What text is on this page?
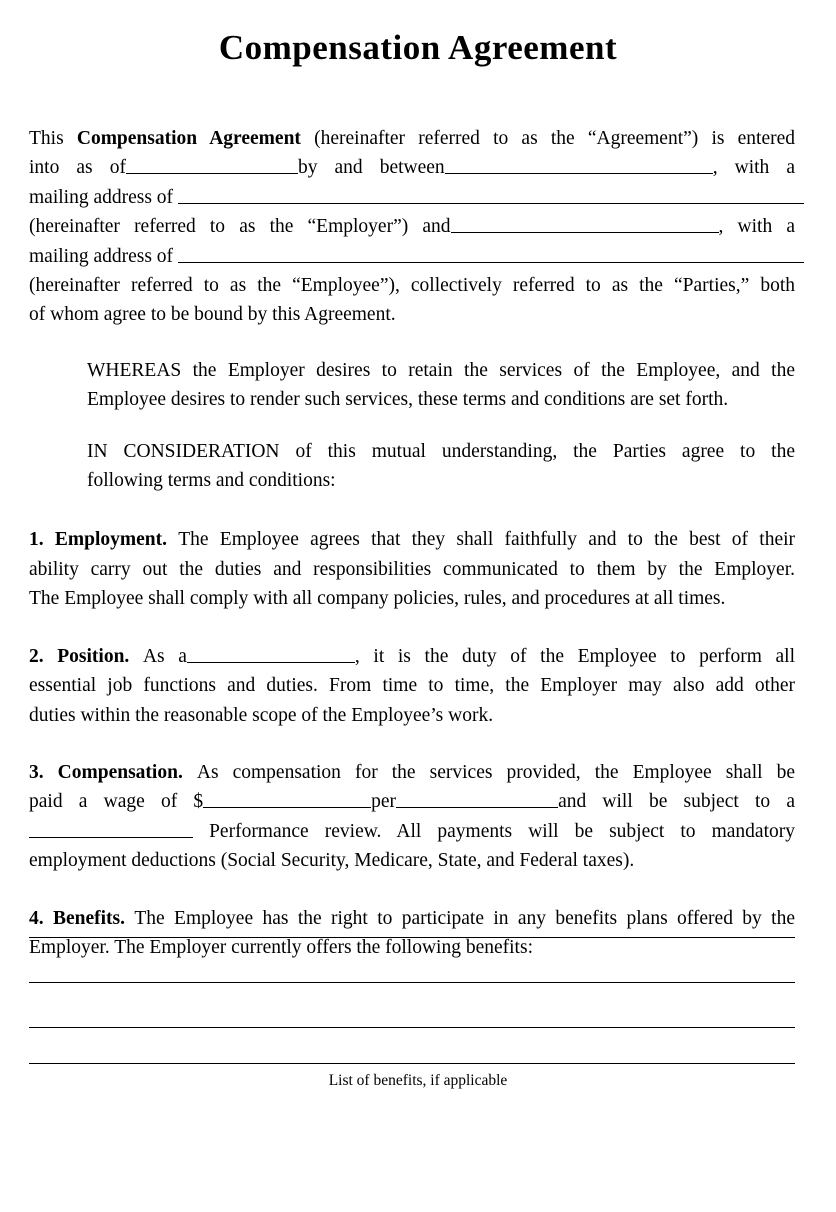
Compensation Agreement
This Compensation Agreement (hereinafter referred to as the “Agreement”) is entered
into as of	by and between	, with a
mailing address of
(hereinafter referred to as the “Employer”) and	, with a
mailing address of
(hereinafter referred to as the “Employee”), collectively referred to as the “Parties,” both
of whom agree to be bound by this Agreement.
WHEREAS the Employer desires to retain the services of the Employee, and the
Employee desires to render such services, these terms and conditions are set forth.
IN CONSIDERATION of this mutual understanding, the Parties agree to the
following terms and conditions:
1. Employment. The Employee agrees that they shall faithfully and to the best of their
ability carry out the duties and responsibilities communicated to them by the Employer.
The Employee shall comply with all company policies, rules, and procedures at all times.
2. Position. As a	, it is the duty of the Employee to perform all
essential job functions and duties. From time to time, the Employer may also add other
duties within the reasonable scope of the Employee’s work.
3. Compensation. As compensation for the services provided, the Employee shall be
paid a wage of $	per	and will be subject to a
Performance review. All payments will be subject to mandatory
employment deductions (Social Security, Medicare, State, and Federal taxes).
4. Benefits. The Employee has the right to participate in any benefits plans offered by the
Employer. The Employer currently offers the following benefits:
List of benefits, if applicable
